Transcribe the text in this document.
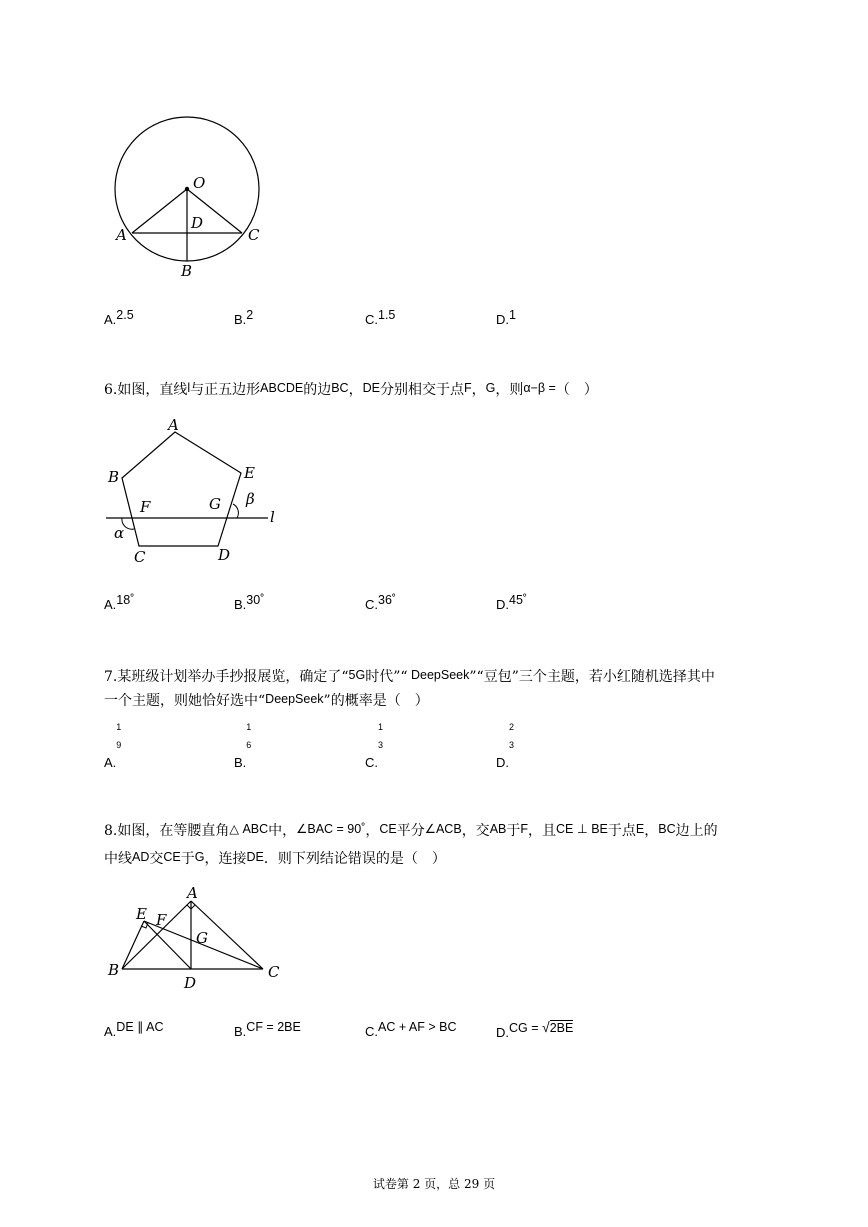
O
A
D
C
B
A.2.5	B.2	C.1.5	D.1
6.如图，直线l与正五边形ABCDE的边BC，DE分别相交于点F，G，则α−β =（　）
A
B	E
F	G β
l
α
C	D
A.18˚	B.30˚	C.36˚	D.45˚
7.某班级计划举办手抄报展览，确定了“5G时代”“ DeepSeek”“豆包”三个主题，若小红随机选择其中
一个主题，则她恰好选中“DeepSeek”的概率是（　）
A.
1
9
B.
1
6
C.
1
3
D.
2
3
8.如图，在等腰直角△ ABC中，∠BAC = 90˚，CE平分∠ACB，交AB于F，且CE ⊥ BE于点E，BC边上的
中线AD交CE于G，连接DE．则下列结论错误的是（　）
A
E F
G
B	C
D
A.DE ∥ AC	B.CF = 2BE	C.AC + AF > BC	D.CG = √2BE
试卷第 2 页，总 29 页
